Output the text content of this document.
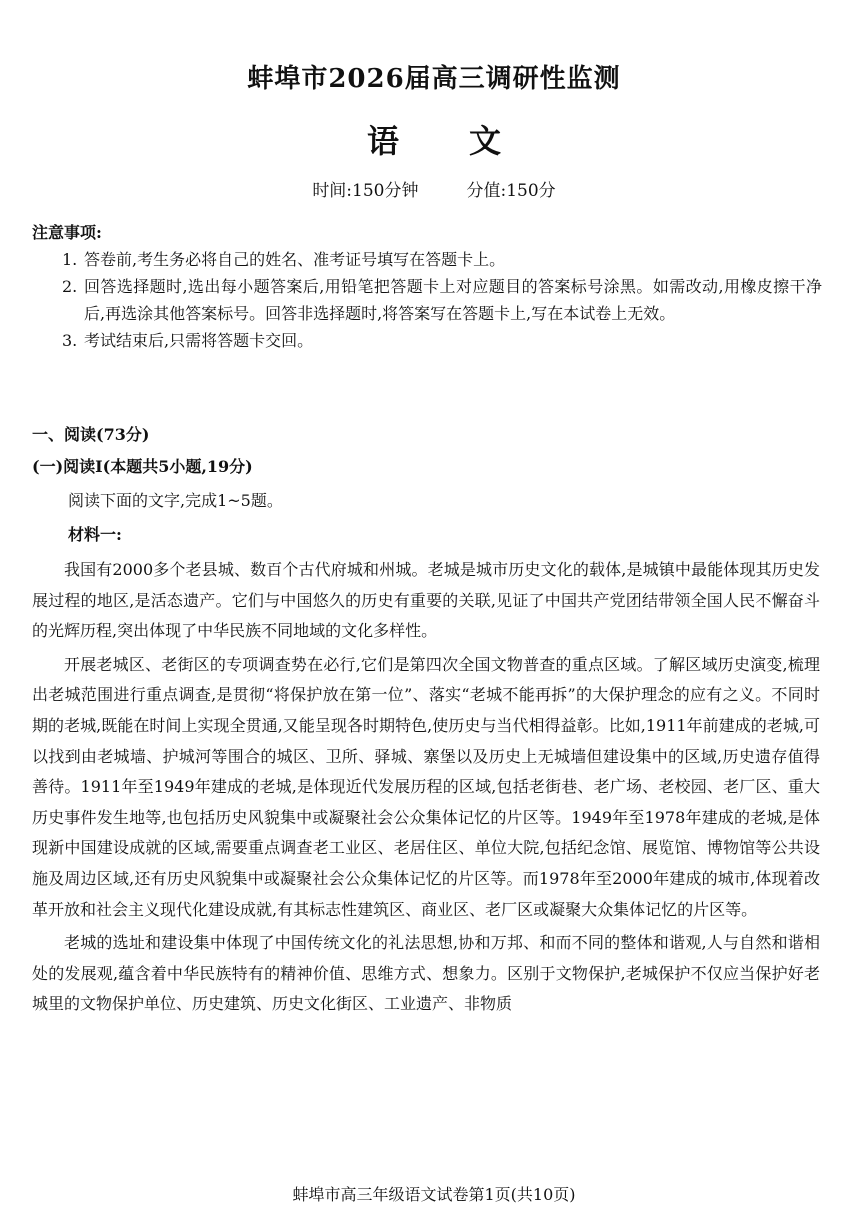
蚌埠市2026届高三调研性监测
语文
时间:150分钟	分值:150分
注意事项:
1. 答卷前,考生务必将自己的姓名、准考证号填写在答题卡上。
2. 回答选择题时,选出每小题答案后,用铅笔把答题卡上对应题目的答案标号涂黑。如需改动,用橡皮擦干净后,再选涂其他答案标号。回答非选择题时,将答案写在答题卡上,写在本试卷上无效。
3. 考试结束后,只需将答题卡交回。
一、阅读(73分)
(一)阅读Ⅰ(本题共5小题,19分)
阅读下面的文字,完成1~5题。
材料一:

我国有2000多个老县城、数百个古代府城和州城。老城是城市历史文化的载体,是城镇中最能体现其历史发展过程的地区,是活态遗产。它们与中国悠久的历史有重要的关联,见证了中国共产党团结带领全国人民不懈奋斗的光辉历程,突出体现了中华民族不同地域的文化多样性。

开展老城区、老街区的专项调查势在必行,它们是第四次全国文物普查的重点区域。了解区域历史演变,梳理出老城范围进行重点调查,是贯彻“将保护放在第一位”、落实“老城不能再拆”的大保护理念的应有之义。不同时期的老城,既能在时间上实现全贯通,又能呈现各时期特色,使历史与当代相得益彰。比如,1911年前建成的老城,可以找到由老城墙、护城河等围合的城区、卫所、驿城、寨堡以及历史上无城墙但建设集中的区域,历史遗存值得善待。1911年至1949年建成的老城,是体现近代发展历程的区域,包括老街巷、老广场、老校园、老厂区、重大历史事件发生地等,也包括历史风貌集中或凝聚社会公众集体记忆的片区等。1949年至1978年建成的老城,是体现新中国建设成就的区域,需要重点调查老工业区、老居住区、单位大院,包括纪念馆、展览馆、博物馆等公共设施及周边区域,还有历史风貌集中或凝聚社会公众集体记忆的片区等。而1978年至2000年建成的城市,体现着改革开放和社会主义现代化建设成就,有其标志性建筑区、商业区、老厂区或凝聚大众集体记忆的片区等。

老城的选址和建设集中体现了中国传统文化的礼法思想,协和万邦、和而不同的整体和谐观,人与自然和谐相处的发展观,蕴含着中华民族特有的精神价值、思维方式、想象力。区别于文物保护,老城保护不仅应当保护好老城里的文物保护单位、历史建筑、历史文化街区、工业遗产、非物质

蚌埠市高三年级语文试卷第1页(共10页)
